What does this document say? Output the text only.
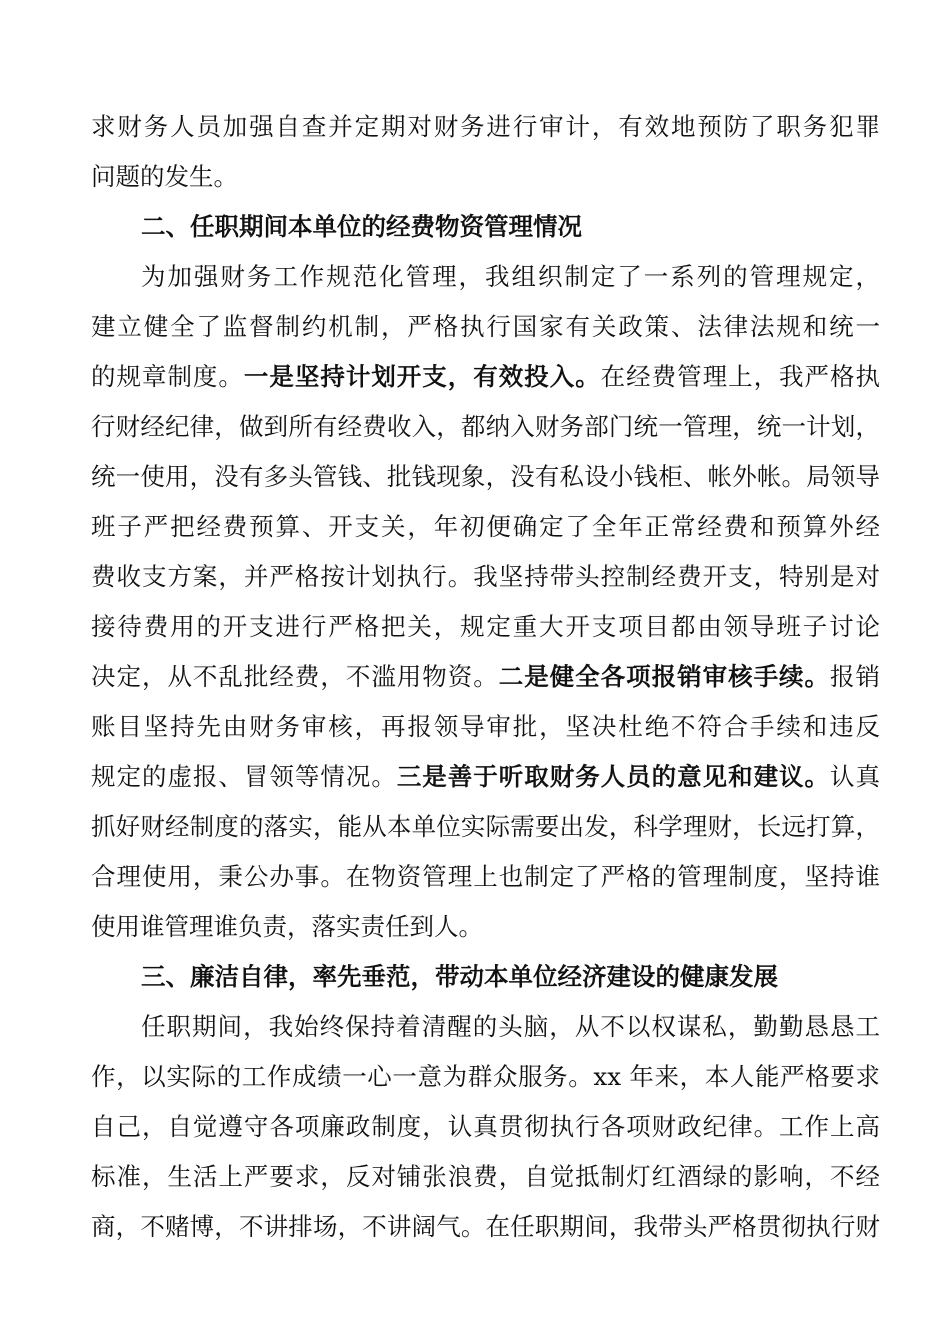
求财务人员加强自查并定期对财务进行审计，有效地预防了职务犯罪
问题的发生。
二、任职期间本单位的经费物资管理情况
为加强财务工作规范化管理，我组织制定了一系列的管理规定，
建立健全了监督制约机制，严格执行国家有关政策、法律法规和统一
的规章制度。一是坚持计划开支，有效投入。在经费管理上，我严格执
行财经纪律，做到所有经费收入，都纳入财务部门统一管理，统一计划，
统一使用，没有多头管钱、批钱现象，没有私设小钱柜、帐外帐。局领导
班子严把经费预算、开支关，年初便确定了全年正常经费和预算外经
费收支方案，并严格按计划执行。我坚持带头控制经费开支，特别是对
接待费用的开支进行严格把关，规定重大开支项目都由领导班子讨论
决定，从不乱批经费，不滥用物资。二是健全各项报销审核手续。报销
账目坚持先由财务审核，再报领导审批，坚决杜绝不符合手续和违反
规定的虚报、冒领等情况。三是善于听取财务人员的意见和建议。认真
抓好财经制度的落实，能从本单位实际需要出发，科学理财，长远打算，
合理使用，秉公办事。在物资管理上也制定了严格的管理制度，坚持谁
使用谁管理谁负责，落实责任到人。
三、廉洁自律，率先垂范，带动本单位经济建设的健康发展
任职期间，我始终保持着清醒的头脑，从不以权谋私，勤勤恳恳工
作，以实际的工作成绩一心一意为群众服务。xx 年来，本人能严格要求
自己，自觉遵守各项廉政制度，认真贯彻执行各项财政纪律。工作上高
标准，生活上严要求，反对铺张浪费，自觉抵制灯红酒绿的影响，不经
商，不赌博，不讲排场，不讲阔气。在任职期间，我带头严格贯彻执行财
